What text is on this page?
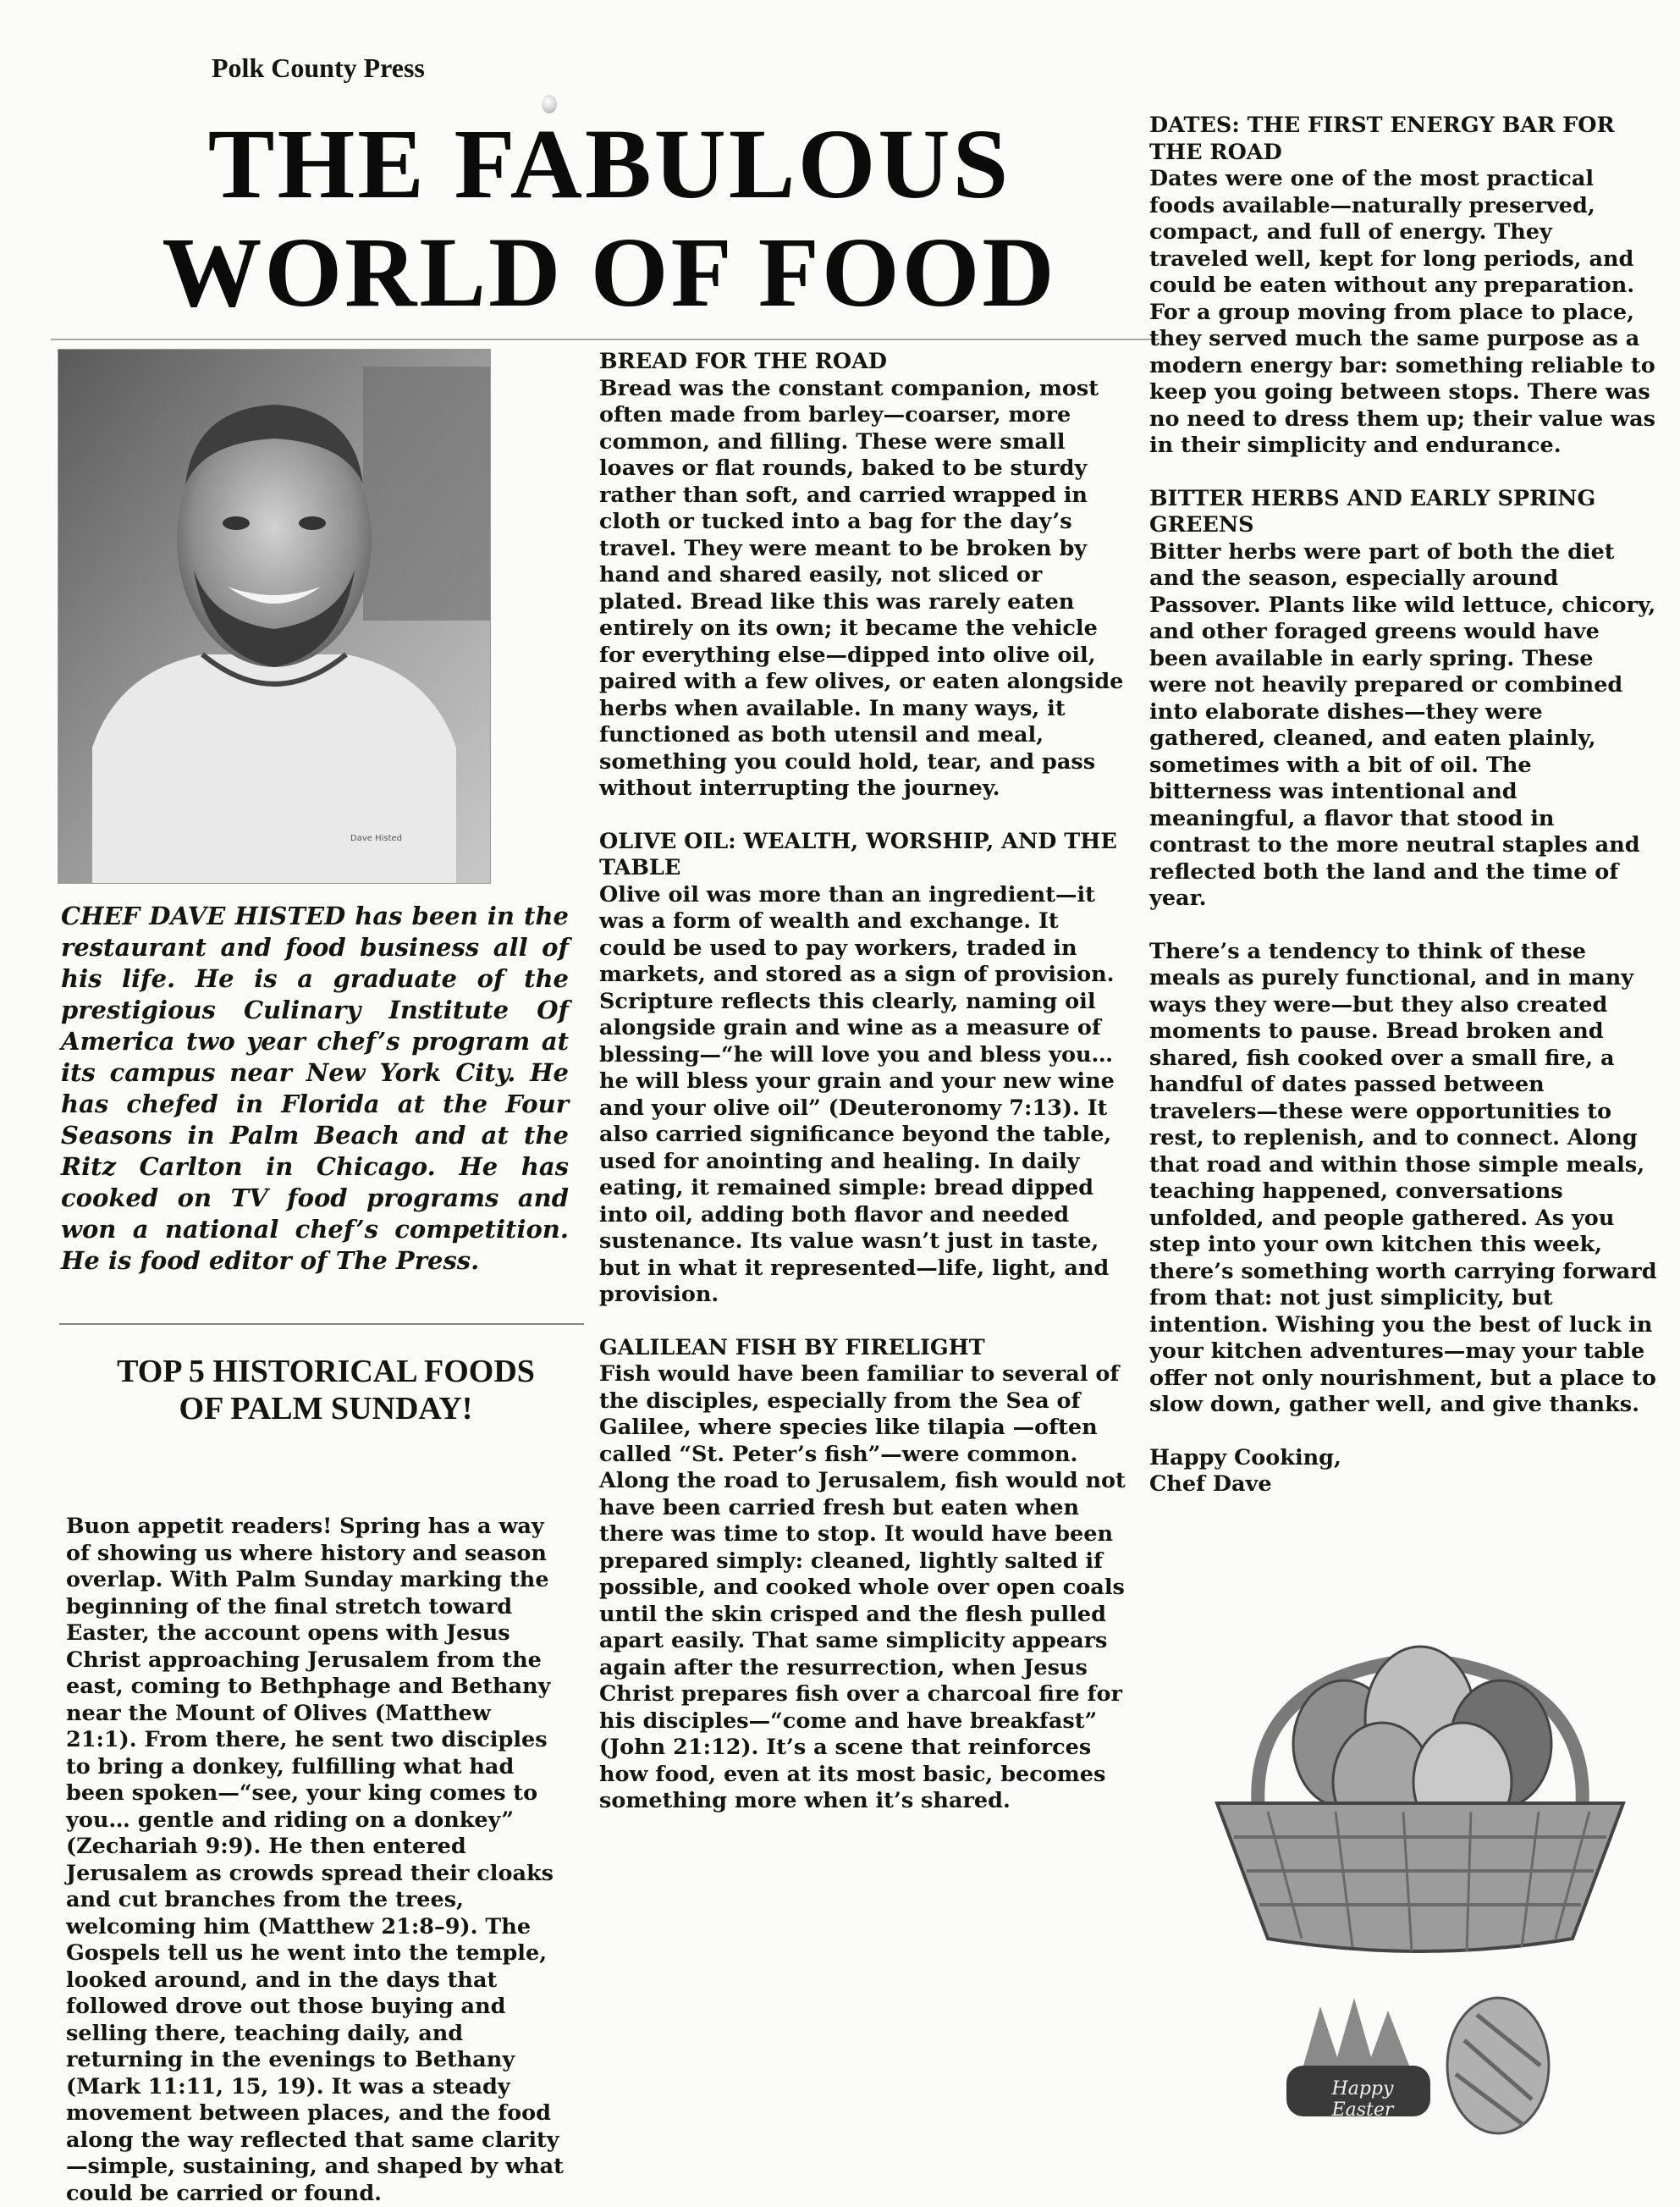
Polk County Press
THE FABULOUS
WORLD OF FOOD
Dave Histed
CHEF DAVE HISTED has been in the restaurant and food business all of his life. He is a graduate of the prestigious Culinary Institute Of America two year chef’s program at its campus near New York City. He has chefed in Florida at the Four Seasons in Palm Beach and at the Ritz Carlton in Chicago. He has cooked on TV food programs and won a national chef’s competition. He is food editor of The Press.
TOP 5 HISTORICAL FOODS OF PALM SUNDAY!

Buon appetit readers! Spring has a way of showing us where history and season overlap. With Palm Sunday marking the beginning of the final stretch toward Easter, the account opens with Jesus Christ approaching Jerusalem from the east, coming to Bethphage and Bethany near the Mount of Olives (Matthew 21:1). From there, he sent two disciples to bring a donkey, fulfilling what had been spoken—“see, your king comes to you… gentle and riding on a donkey” (Zechariah 9:9). He then entered Jerusalem as crowds spread their cloaks and cut branches from the trees, welcoming him (Matthew 21:8–9). The Gospels tell us he went into the temple, looked around, and in the days that followed drove out those buying and selling there, teaching daily, and returning in the evenings to Bethany (Mark 11:11, 15, 19). It was a steady movement between places, and the food along the way reflected that same clarity—simple, sustaining, and shaped by what could be carried or found.

BREAD FOR THE ROAD

Bread was the constant companion, most often made from barley—coarser, more common, and filling. These were small loaves or flat rounds, baked to be sturdy rather than soft, and carried wrapped in cloth or tucked into a bag for the day’s travel. They were meant to be broken by hand and shared easily, not sliced or plated. Bread like this was rarely eaten entirely on its own; it became the vehicle for everything else—dipped into olive oil, paired with a few olives, or eaten alongside herbs when available. In many ways, it functioned as both utensil and meal, something you could hold, tear, and pass without interrupting the journey.

OLIVE OIL: WEALTH, WORSHIP, AND THE TABLE

Olive oil was more than an ingredient—it was a form of wealth and exchange. It could be used to pay workers, traded in markets, and stored as a sign of provision. Scripture reflects this clearly, naming oil alongside grain and wine as a measure of blessing—“he will love you and bless you… he will bless your grain and your new wine and your olive oil” (Deuteronomy 7:13). It also carried significance beyond the table, used for anointing and healing. In daily eating, it remained simple: bread dipped into oil, adding both flavor and needed sustenance. Its value wasn’t just in taste, but in what it represented—life, light, and provision.

GALILEAN FISH BY FIRELIGHT

Fish would have been familiar to several of the disciples, especially from the Sea of Galilee, where species like tilapia —often called “St. Peter’s fish”—were common. Along the road to Jerusalem, fish would not have been carried fresh but eaten when there was time to stop. It would have been prepared simply: cleaned, lightly salted if possible, and cooked whole over open coals until the skin crisped and the flesh pulled apart easily. That same simplicity appears again after the resurrection, when Jesus Christ prepares fish over a charcoal fire for his disciples—“come and have breakfast” (John 21:12). It’s a scene that reinforces how food, even at its most basic, becomes something more when it’s shared.

DATES: THE FIRST ENERGY BAR FOR THE ROAD

Dates were one of the most practical foods available—naturally preserved, compact, and full of energy. They traveled well, kept for long periods, and could be eaten without any preparation. For a group moving from place to place, they served much the same purpose as a modern energy bar: something reliable to keep you going between stops. There was no need to dress them up; their value was in their simplicity and endurance.

BITTER HERBS AND EARLY SPRING GREENS

Bitter herbs were part of both the diet and the season, especially around Passover. Plants like wild lettuce, chicory, and other foraged greens would have been available in early spring. These were not heavily prepared or combined into elaborate dishes—they were gathered, cleaned, and eaten plainly, sometimes with a bit of oil. The bitterness was intentional and meaningful, a flavor that stood in contrast to the more neutral staples and reflected both the land and the time of year.

There’s a tendency to think of these meals as purely functional, and in many ways they were—but they also created moments to pause. Bread broken and shared, fish cooked over a small fire, a handful of dates passed between travelers—these were opportunities to rest, to replenish, and to connect. Along that road and within those simple meals, teaching happened, conversations unfolded, and people gathered. As you step into your own kitchen this week, there’s something worth carrying forward from that: not just simplicity, but intention. Wishing you the best of luck in your kitchen adventures—may your table offer not only nourishment, but a place to slow down, gather well, and give thanks.

Happy Cooking,

Chef Dave

Happy Easter
